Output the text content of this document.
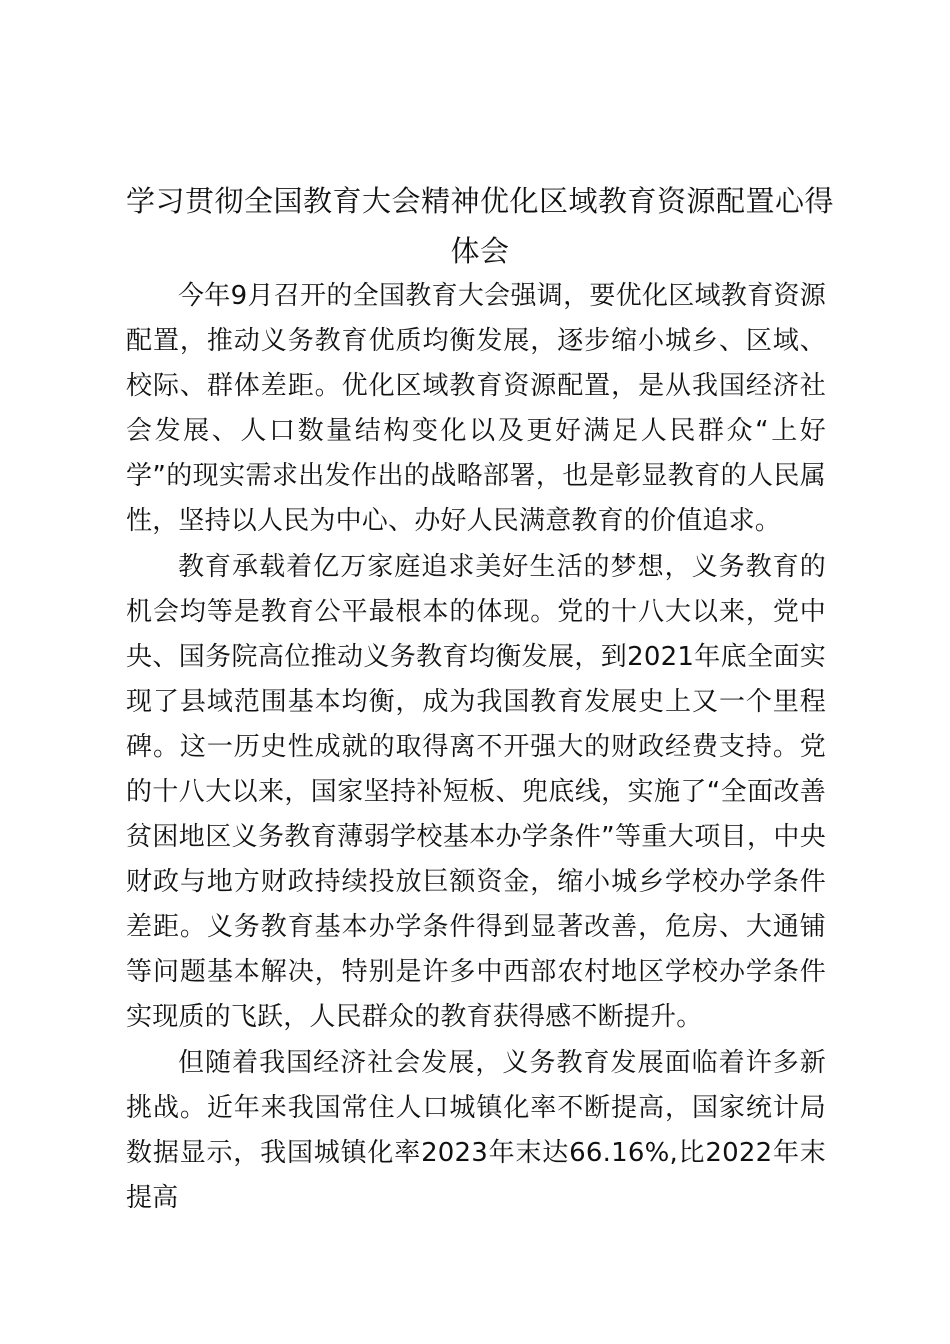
学习贯彻全国教育大会精神优化区域教育资源配置心得体会

今年9月召开的全国教育大会强调，要优化区域教育资源配置，推动义务教育优质均衡发展，逐步缩小城乡、区域、校际、群体差距。优化区域教育资源配置，是从我国经济社会发展、人口数量结构变化以及更好满足人民群众“上好学”的现实需求出发作出的战略部署，也是彰显教育的人民属性，坚持以人民为中心、办好人民满意教育的价值追求。

教育承载着亿万家庭追求美好生活的梦想，义务教育的机会均等是教育公平最根本的体现。党的十八大以来，党中央、国务院高位推动义务教育均衡发展，到2021年底全面实现了县域范围基本均衡，成为我国教育发展史上又一个里程碑。这一历史性成就的取得离不开强大的财政经费支持。党的十八大以来，国家坚持补短板、兜底线，实施了“全面改善贫困地区义务教育薄弱学校基本办学条件”等重大项目，中央财政与地方财政持续投放巨额资金，缩小城乡学校办学条件差距。义务教育基本办学条件得到显著改善，危房、大通铺等问题基本解决，特别是许多中西部农村地区学校办学条件实现质的飞跃，人民群众的教育获得感不断提升。

但随着我国经济社会发展，义务教育发展面临着许多新挑战。近年来我国常住人口城镇化率不断提高，国家统计局数据显示，我国城镇化率2023年末达66.16%,比2022年末提高
